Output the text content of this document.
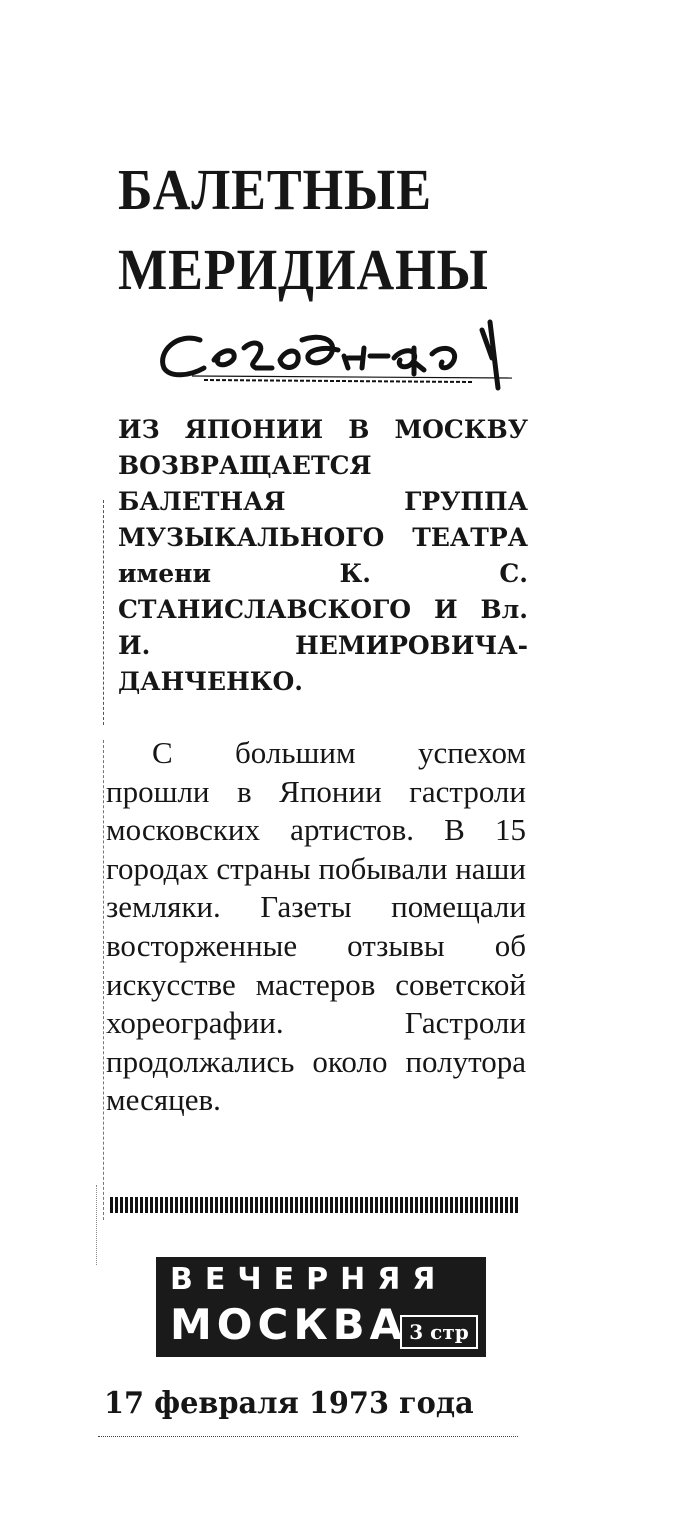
БАЛЕТНЫЕ
МЕРИДИАНЫ
ИЗ ЯПОНИИ В МОСКВУ ВОЗВРАЩАЕТСЯ БАЛЕТНАЯ ГРУППА МУЗЫКАЛЬНОГО ТЕАТРА имени К. С. СТАНИСЛАВСКОГО И Вл. И. НЕМИРОВИЧА-ДАНЧЕНКО.
С большим успехом прошли в Японии гастроли московских артистов. В 15 городах страны побывали наши земляки. Газеты помещали восторженные отзывы об искусстве мастеров советской хореографии. Гастроли продолжались около полутора месяцев.
ВЕЧЕРНЯЯ
МОСКВА 3 стр
17 февраля 1973 года
